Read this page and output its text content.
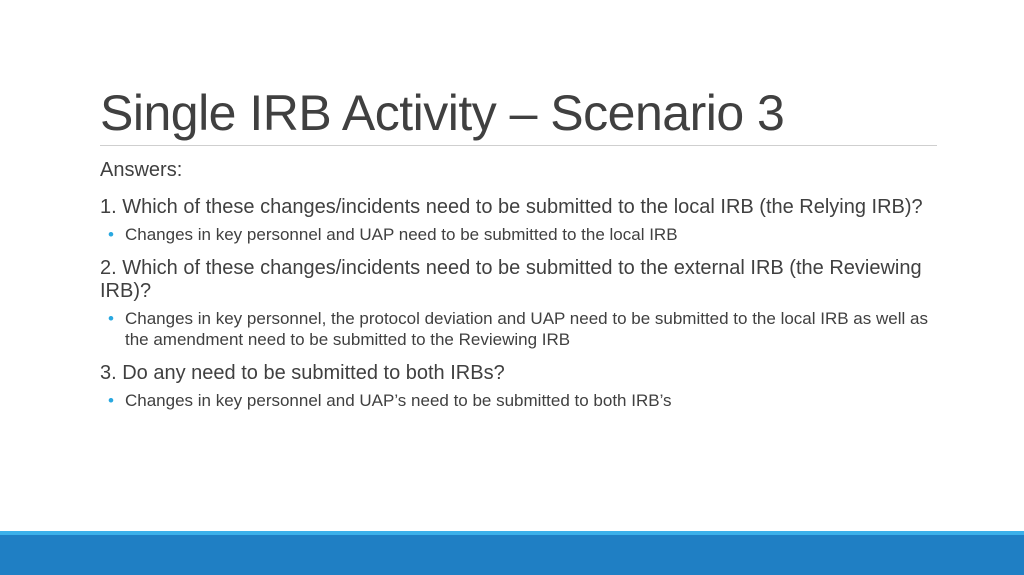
Single IRB Activity – Scenario 3
Answers:
1. Which of these changes/incidents need to be submitted to the local IRB (the Relying IRB)?
• Changes in key personnel and UAP need to be submitted to the local IRB
2. Which of these changes/incidents need to be submitted to the external IRB (the Reviewing IRB)?
• Changes in key personnel, the protocol deviation and UAP need to be submitted to the local IRB as well as the amendment need to be submitted to the Reviewing IRB
3. Do any need to be submitted to both IRBs?
• Changes in key personnel and UAP’s need to be submitted to both IRB’s
